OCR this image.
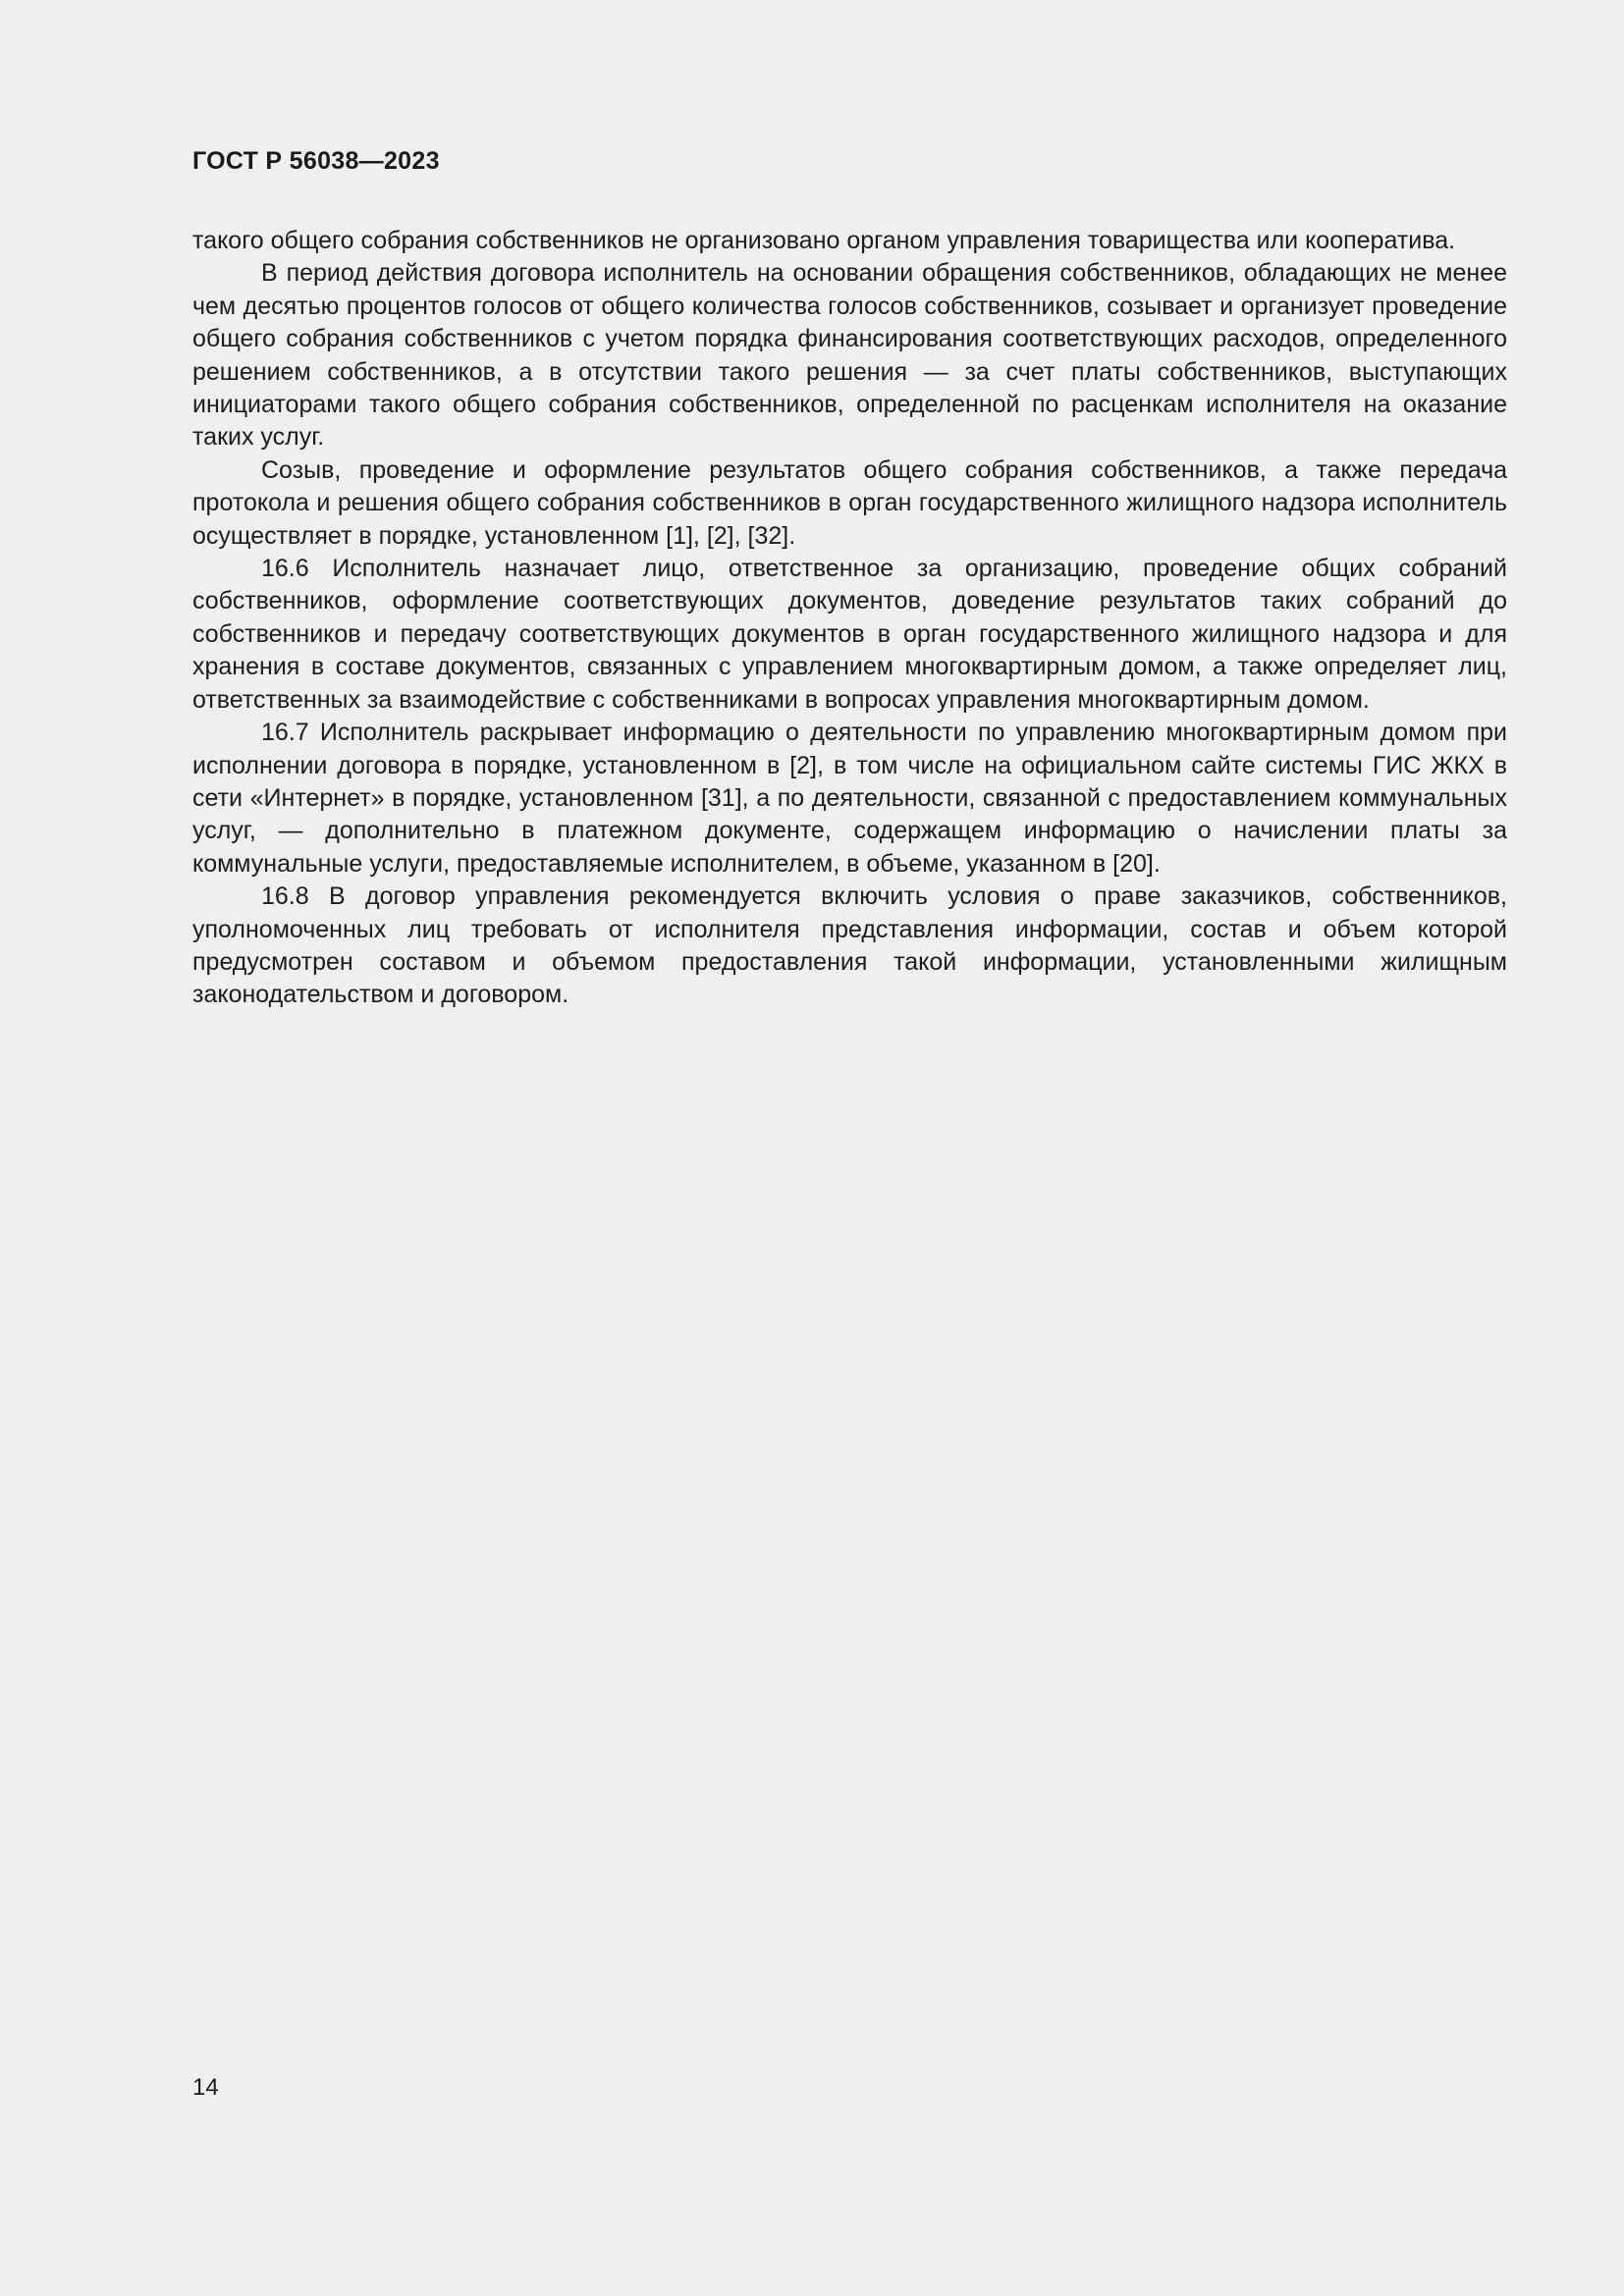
ГОСТ Р 56038—2023

такого общего собрания собственников не организовано органом управления товарищества или кооператива.

В период действия договора исполнитель на основании обращения собственников, обладающих не менее чем десятью процентов голосов от общего количества голосов собственников, созывает и организует проведение общего собрания собственников с учетом порядка финансирования соответствующих расходов, определенного решением собственников, а в отсутствии такого решения — за счет платы собственников, выступающих инициаторами такого общего собрания собственников, определенной по расценкам исполнителя на оказание таких услуг.

Созыв, проведение и оформление результатов общего собрания собственников, а также передача протокола и решения общего собрания собственников в орган государственного жилищного надзора исполнитель осуществляет в порядке, установленном [1], [2], [32].

16.6 Исполнитель назначает лицо, ответственное за организацию, проведение общих собраний собственников, оформление соответствующих документов, доведение результатов таких собраний до собственников и передачу соответствующих документов в орган государственного жилищного надзора и для хранения в составе документов, связанных с управлением многоквартирным домом, а также определяет лиц, ответственных за взаимодействие с собственниками в вопросах управления многоквартирным домом.

16.7 Исполнитель раскрывает информацию о деятельности по управлению многоквартирным домом при исполнении договора в порядке, установленном в [2], в том числе на официальном сайте системы ГИС ЖКХ в сети «Интернет» в порядке, установленном [31], а по деятельности, связанной с предоставлением коммунальных услуг, — дополнительно в платежном документе, содержащем информацию о начислении платы за коммунальные услуги, предоставляемые исполнителем, в объеме, указанном в [20].

16.8 В договор управления рекомендуется включить условия о праве заказчиков, собственников, уполномоченных лиц требовать от исполнителя представления информации, состав и объем которой предусмотрен составом и объемом предоставления такой информации, установленными жилищным законодательством и договором.

14
